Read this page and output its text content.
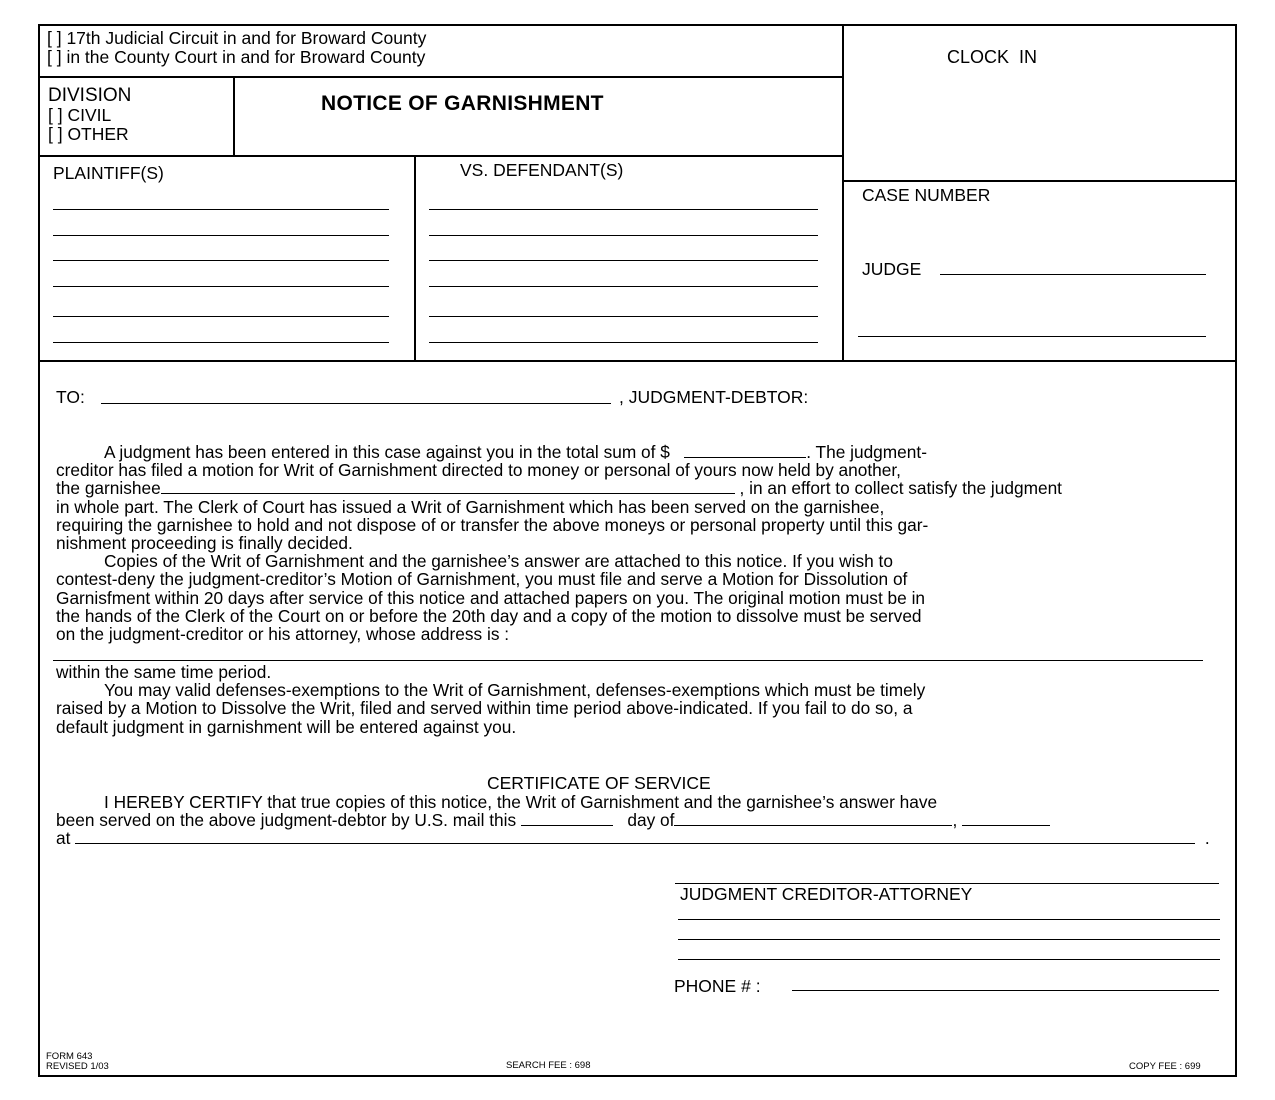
[ ] 17th Judicial Circuit in and for Broward County
[ ] in the County Court in and for Broward County	CLOCK  IN
DIVISION
[ ] CIVIL
[ ] OTHER
NOTICE OF GARNISHMENT
PLAINTIFF(S)	VS. DEFENDANT(S)
CASE NUMBER
JUDGE
TO:	, JUDGMENT-DEBTOR:

A judgment has been entered in this case against you in the total sum of $	. The judgment-

creditor has filed a motion for Writ of Garnishment directed to money or personal of yours now held by another,

the garnishee	, in an effort to collect satisfy the judgment

in whole part. The Clerk of Court has issued a Writ of Garnishment which has been served on the garnishee,

requiring the garnishee to hold and not dispose of or transfer the above moneys or personal property until this gar-

nishment proceeding is finally decided.

Copies of the Writ of Garnishment and the garnishee’s answer are attached to this notice. If you wish to

contest-deny the judgment-creditor’s Motion of Garnishment, you must file and serve a Motion for Dissolution of

Garnisfment within 20 days after service of this notice and attached papers on you. The original motion must be in

the hands of the Clerk of the Court on or before the 20th day and a copy of the motion to dissolve must be served

on the judgment-creditor or his attorney, whose address is :

within the same time period.

You may valid defenses-exemptions to the Writ of Garnishment, defenses-exemptions which must be timely

raised by a Motion to Dissolve the Writ, filed and served within time period above-indicated. If you fail to do so, a

default judgment in garnishment will be entered against you.

CERTIFICATE OF SERVICE

I HEREBY CERTIFY that true copies of this notice, the Writ of Garnishment and the garnishee’s answer have

been served on the above judgment-debtor by U.S. mail this	day of	,

at	.

JUDGMENT CREDITOR-ATTORNEY
PHONE # :
FORM 643
REVISED 1/03	SEARCH FEE : 698	COPY FEE : 699
